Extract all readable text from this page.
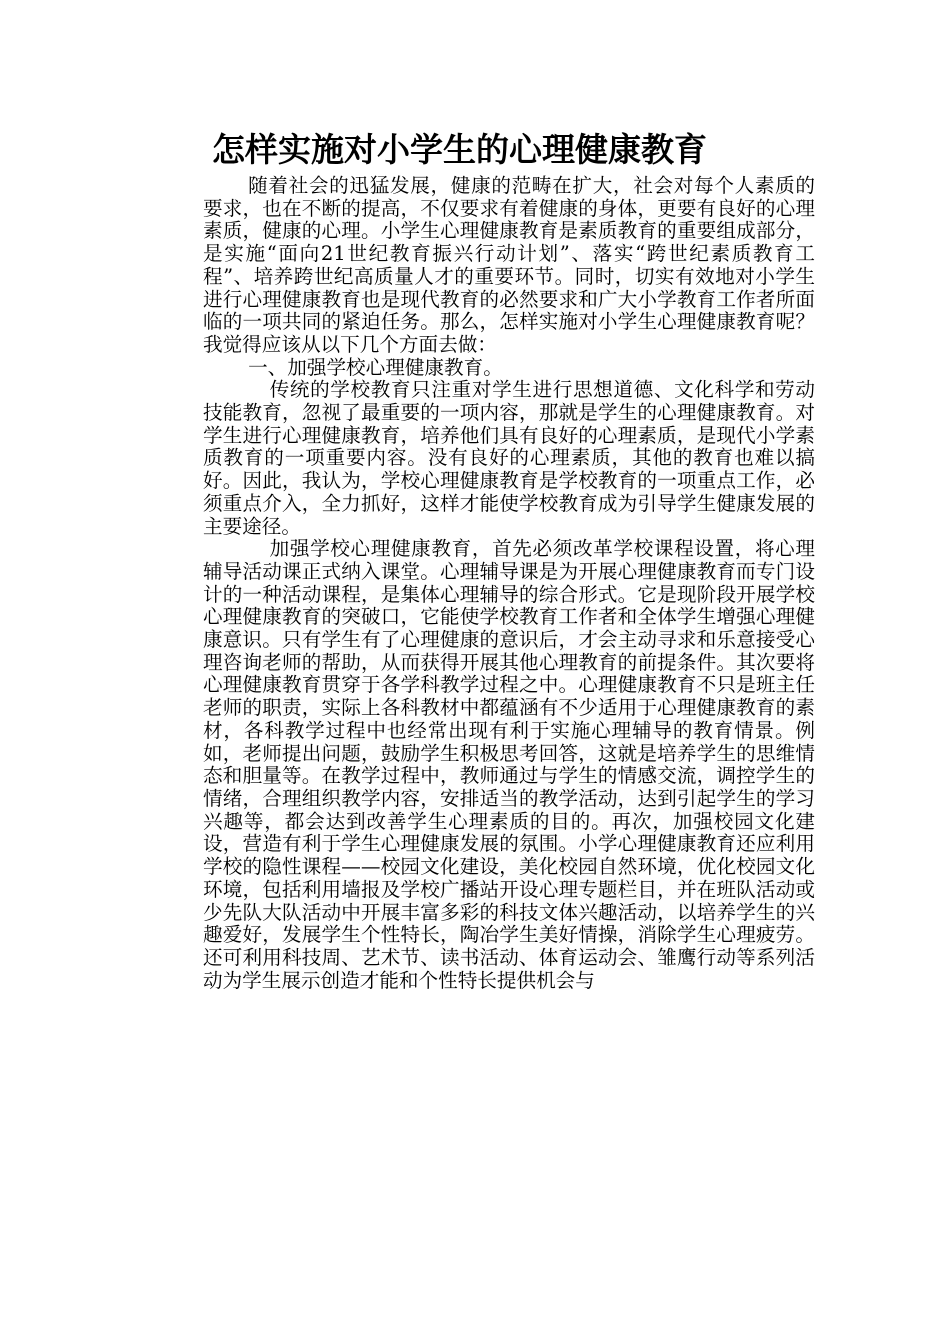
怎样实施对小学生的心理健康教育

随着社会的迅猛发展，健康的范畴在扩大，社会对每个人素质的要求，也在不断的提高，不仅要求有着健康的身体，更要有良好的心理素质，健康的心理。小学生心理健康教育是素质教育的重要组成部分，是实施“面向21世纪教育振兴行动计划”、落实“跨世纪素质教育工程”、培养跨世纪高质量人才的重要环节。同时，切实有效地对小学生进行心理健康教育也是现代教育的必然要求和广大小学教育工作者所面临的一项共同的紧迫任务。那么，怎样实施对小学生心理健康教育呢？我觉得应该从以下几个方面去做：

一、加强学校心理健康教育。

传统的学校教育只注重对学生进行思想道德、文化科学和劳动技能教育，忽视了最重要的一项内容，那就是学生的心理健康教育。对学生进行心理健康教育，培养他们具有良好的心理素质，是现代小学素质教育的一项重要内容。没有良好的心理素质，其他的教育也难以搞好。因此，我认为，学校心理健康教育是学校教育的一项重点工作，必须重点介入，全力抓好，这样才能使学校教育成为引导学生健康发展的主要途径。

加强学校心理健康教育，首先必须改革学校课程设置，将心理辅导活动课正式纳入课堂。心理辅导课是为开展心理健康教育而专门设计的一种活动课程，是集体心理辅导的综合形式。它是现阶段开展学校心理健康教育的突破口，它能使学校教育工作者和全体学生增强心理健康意识。只有学生有了心理健康的意识后，才会主动寻求和乐意接受心理咨询老师的帮助，从而获得开展其他心理教育的前提条件。其次要将心理健康教育贯穿于各学科教学过程之中。心理健康教育不只是班主任老师的职责，实际上各科教材中都蕴涵有不少适用于心理健康教育的素材，各科教学过程中也经常出现有利于实施心理辅导的教育情景。例如，老师提出问题，鼓励学生积极思考回答，这就是培养学生的思维情态和胆量等。在教学过程中，教师通过与学生的情感交流，调控学生的情绪，合理组织教学内容，安排适当的教学活动，达到引起学生的学习兴趣等，都会达到改善学生心理素质的目的。再次，加强校园文化建设，营造有利于学生心理健康发展的氛围。小学心理健康教育还应利用学校的隐性课程——校园文化建设，美化校园自然环境，优化校园文化环境，包括利用墙报及学校广播站开设心理专题栏目，并在班队活动或少先队大队活动中开展丰富多彩的科技文体兴趣活动，以培养学生的兴趣爱好，发展学生个性特长，陶冶学生美好情操，消除学生心理疲劳。还可利用科技周、艺术节、读书活动、体育运动会、雏鹰行动等系列活动为学生展示创造才能和个性特长提供机会与
